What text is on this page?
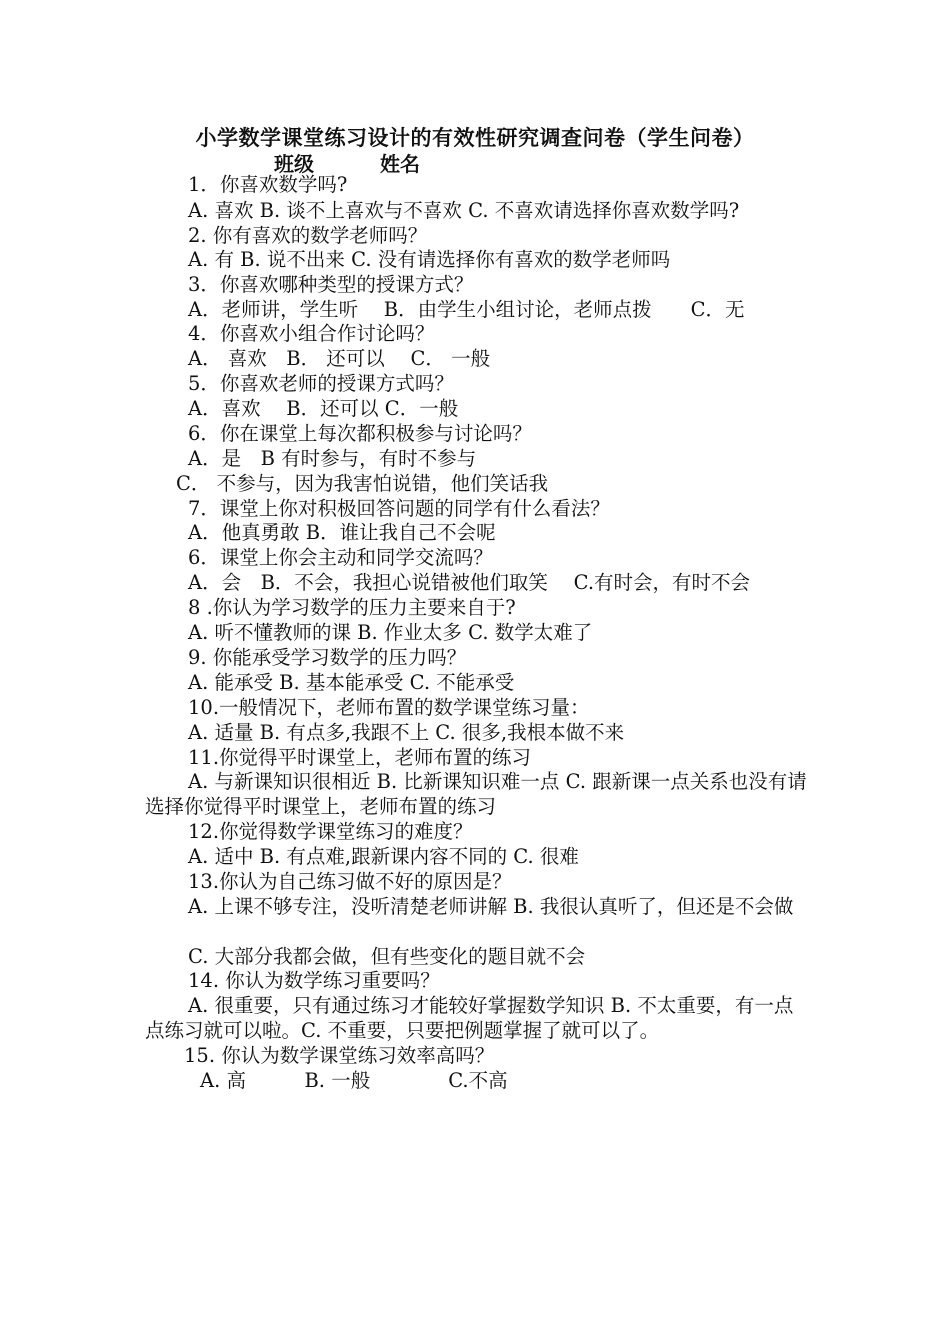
小学数学课堂练习设计的有效性研究调查问卷（学生问卷）
班级	姓名
1．你喜欢数学吗?
A. 喜欢 B. 谈不上喜欢与不喜欢 C. 不喜欢请选择你喜欢数学吗?
2. 你有喜欢的数学老师吗？
A. 有 B. 说不出来 C. 没有请选择你有喜欢的数学老师吗
3．你喜欢哪种类型的授课方式？
A．老师讲，学生听　 B．由学生小组讨论，老师点拨　　C．无
4．你喜欢小组合作讨论吗？
A． 喜欢　B． 还可以　 C． 一般
5．你喜欢老师的授课方式吗？
A．喜欢　 B．还可以 C．一般
6．你在课堂上每次都积极参与讨论吗？
A．是　B 有时参与，有时不参与
C． 不参与，因为我害怕说错，他们笑话我
7．课堂上你对积极回答问题的同学有什么看法？
A．他真勇敢 B．谁让我自己不会呢
6．课堂上你会主动和同学交流吗？
A．会　B．不会，我担心说错被他们取笑　 C.有时会，有时不会
8 .你认为学习数学的压力主要来自于?
A. 听不懂教师的课 B. 作业太多 C. 数学太难了
9. 你能承受学习数学的压力吗？
A. 能承受 B. 基本能承受 C. 不能承受
10.一般情况下，老师布置的数学课堂练习量：
A. 适量 B. 有点多,我跟不上 C. 很多,我根本做不来
11.你觉得平时课堂上，老师布置的练习
A. 与新课知识很相近 B. 比新课知识难一点 C. 跟新课一点关系也没有请选择你觉得平时课堂上，老师布置的练习
12.你觉得数学课堂练习的难度？
A. 适中 B. 有点难,跟新课内容不同的 C. 很难
13.你认为自己练习做不好的原因是？
A. 上课不够专注，没听清楚老师讲解 B. 我很认真听了，但还是不会做
C. 大部分我都会做，但有些变化的题目就不会
14. 你认为数学练习重要吗？
A. 很重要，只有通过练习才能较好掌握数学知识 B. 不太重要，有一点点练习就可以啦。C. 不重要，只要把例题掌握了就可以了。
15. 你认为数学课堂练习效率高吗？
A. 高　　　B. 一般　　　　C.不高
